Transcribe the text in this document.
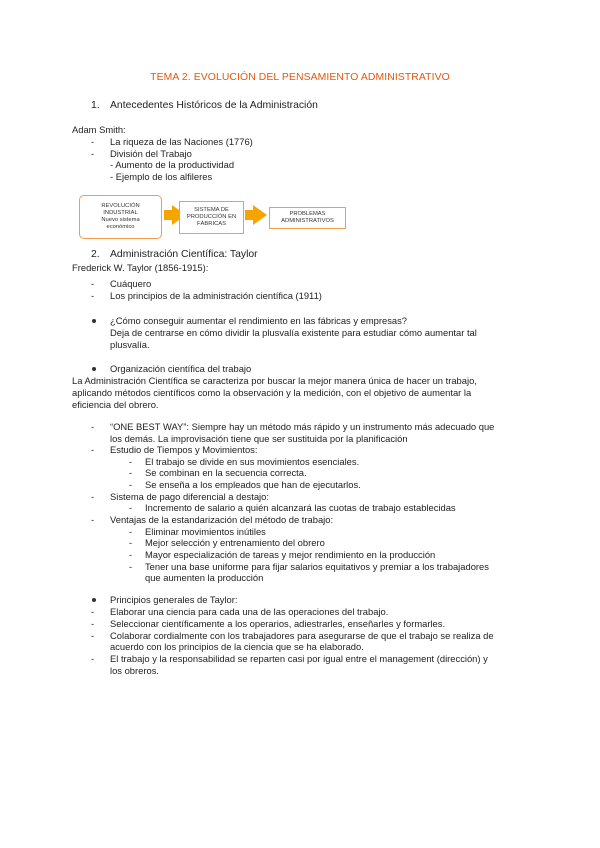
TEMA 2. EVOLUCIÓN DEL PENSAMIENTO ADMINISTRATIVO
1. Antecedentes Históricos de la Administración
Adam Smith:
- La riqueza de las Naciones (1776)
- División del Trabajo
- Aumento de la productividad
- Ejemplo de los alfileres
REVOLUCIÓN
INDUSTRIAL
Nuevo sistema
económico
SISTEMA DE
PRODUCCIÓN EN
FÁBRICAS
PROBLEMAS
ADMINISTRATIVOS
2. Administración Científica: Taylor
Frederick W. Taylor (1856-1915):
- Cuáquero
- Los principios de la administración científica (1911)
¿Cómo conseguir aumentar el rendimiento en las fábricas y empresas?
Deja de centrarse en cómo dividir la plusvalía existente para estudiar cómo aumentar tal
plusvalía.
Organización científica del trabajo
La Administración Científica se caracteriza por buscar la mejor manera única de hacer un trabajo,
aplicando métodos científicos como la observación y la medición, con el objetivo de aumentar la
eficiencia del obrero.
- “ONE BEST WAY”: Siempre hay un método más rápido y un instrumento más adecuado que
los demás. La improvisación tiene que ser sustituida por la planificación
- Estudio de Tiempos y Movimientos:
- El trabajo se divide en sus movimientos esenciales.
- Se combinan en la secuencia correcta.
- Se enseña a los empleados que han de ejecutarlos.
- Sistema de pago diferencial a destajo:
- Incremento de salario a quién alcanzará las cuotas de trabajo establecidas
- Ventajas de la estandarización del método de trabajo:
- Eliminar movimientos inútiles
- Mejor selección y entrenamiento del obrero
- Mayor especialización de tareas y mejor rendimiento en la producción
- Tener una base uniforme para fijar salarios equitativos y premiar a los trabajadores
que aumenten la producción
Principios generales de Taylor:
- Elaborar una ciencia para cada una de las operaciones del trabajo.
- Seleccionar científicamente a los operarios, adiestrarles, enseñarles y formarles.
- Colaborar cordialmente con los trabajadores para asegurarse de que el trabajo se realiza de
acuerdo con los principios de la ciencia que se ha elaborado.
- El trabajo y la responsabilidad se reparten casi por igual entre el management (dirección) y
los obreros.
